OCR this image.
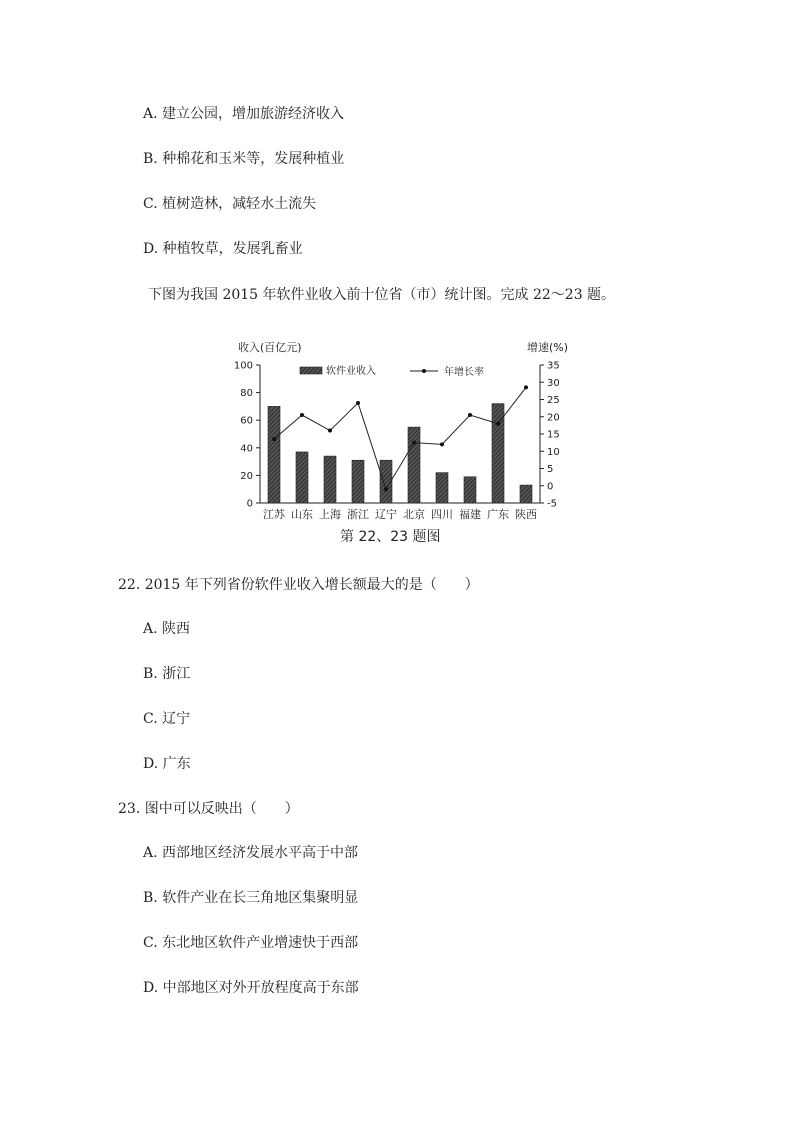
A. 建立公园，增加旅游经济收入
B. 种棉花和玉米等，发展种植业
C. 植树造林，减轻水土流失
D. 种植牧草，发展乳畜业
下图为我国 2015 年软件业收入前十位省（市）统计图。完成 22～23 题。
0
20
40
60
80
100
-5
0
5
10
15
20
25
30
35
收入(百亿元)	增速(%)
江苏 山东 上海 浙江 辽宁 北京 四川 福建 广东 陕西
软件业收入	年增长率
第 22、23 题图
22. 2015 年下列省份软件业收入增长额最大的是（　　）
A. 陕西
B. 浙江
C. 辽宁
D. 广东
23. 图中可以反映出（　　）
A. 西部地区经济发展水平高于中部
B. 软件产业在长三角地区集聚明显
C. 东北地区软件产业增速快于西部
D. 中部地区对外开放程度高于东部
